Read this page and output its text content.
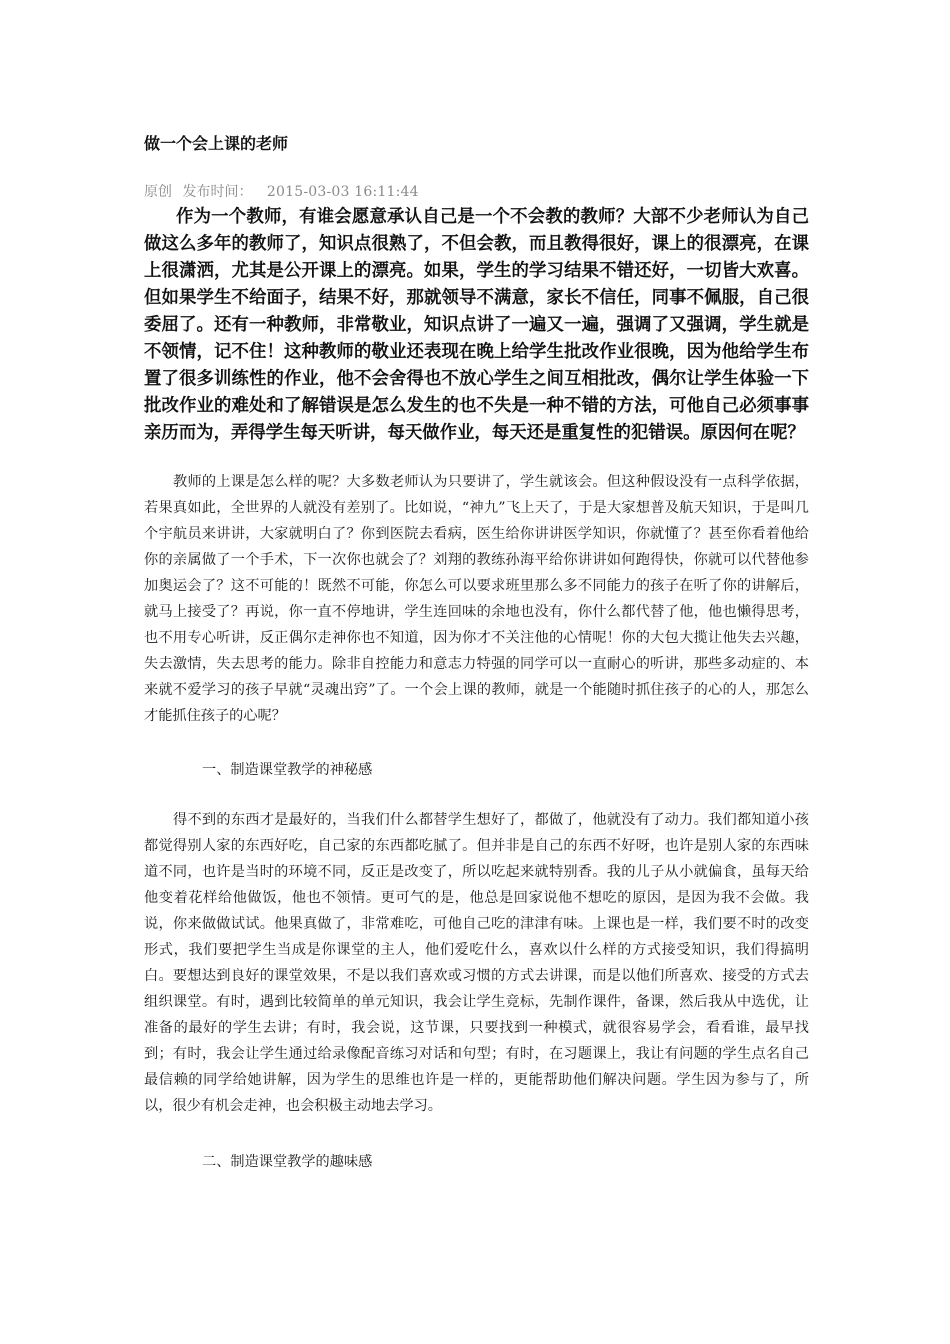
做一个会上课的老师
原创 发布时间： 2015-03-03 16:11:44

作为一个教师，有谁会愿意承认自己是一个不会教的教师？大部不少老师认为自己做这么多年的教师了，知识点很熟了，不但会教，而且教得很好，课上的很漂亮，在课上很潇洒，尤其是公开课上的漂亮。如果，学生的学习结果不错还好，一切皆大欢喜。但如果学生不给面子，结果不好，那就领导不满意，家长不信任，同事不佩服，自己很委屈了。还有一种教师，非常敬业，知识点讲了一遍又一遍，强调了又强调，学生就是不领情，记不住！这种教师的敬业还表现在晚上给学生批改作业很晚，因为他给学生布置了很多训练性的作业，他不会舍得也不放心学生之间互相批改，偶尔让学生体验一下批改作业的难处和了解错误是怎么发生的也不失是一种不错的方法，可他自己必须事事亲历而为，弄得学生每天听讲，每天做作业，每天还是重复性的犯错误。原因何在呢？

教师的上课是怎么样的呢？大多数老师认为只要讲了，学生就该会。但这种假设没有一点科学依据，若果真如此，全世界的人就没有差别了。比如说，“神九”飞上天了，于是大家想普及航天知识，于是叫几个宇航员来讲讲，大家就明白了？你到医院去看病，医生给你讲讲医学知识，你就懂了？甚至你看着他给你的亲属做了一个手术，下一次你也就会了？刘翔的教练孙海平给你讲讲如何跑得快，你就可以代替他参加奥运会了？这不可能的！既然不可能，你怎么可以要求班里那么多不同能力的孩子在听了你的讲解后，就马上接受了？再说，你一直不停地讲，学生连回味的余地也没有，你什么都代替了他，他也懒得思考，也不用专心听讲，反正偶尔走神你也不知道，因为你才不关注他的心情呢！你的大包大揽让他失去兴趣，失去激情，失去思考的能力。除非自控能力和意志力特强的同学可以一直耐心的听讲，那些多动症的、本来就不爱学习的孩子早就“灵魂出窍”了。一个会上课的教师，就是一个能随时抓住孩子的心的人，那怎么才能抓住孩子的心呢？

一、制造课堂教学的神秘感

得不到的东西才是最好的，当我们什么都替学生想好了，都做了，他就没有了动力。我们都知道小孩都觉得别人家的东西好吃，自己家的东西都吃腻了。但并非是自己的东西不好呀，也许是别人家的东西味道不同，也许是当时的环境不同，反正是改变了，所以吃起来就特别香。我的儿子从小就偏食，虽每天给他变着花样给他做饭，他也不领情。更可气的是，他总是回家说他不想吃的原因，是因为我不会做。我说，你来做做试试。他果真做了，非常难吃，可他自己吃的津津有味。上课也是一样，我们要不时的改变形式，我们要把学生当成是你课堂的主人，他们爱吃什么，喜欢以什么样的方式接受知识，我们得搞明白。要想达到良好的课堂效果，不是以我们喜欢或习惯的方式去讲课，而是以他们所喜欢、接受的方式去组织课堂。有时，遇到比较简单的单元知识，我会让学生竞标，先制作课件，备课，然后我从中选优，让准备的最好的学生去讲；有时，我会说，这节课，只要找到一种模式，就很容易学会，看看谁，最早找到；有时，我会让学生通过给录像配音练习对话和句型；有时，在习题课上，我让有问题的学生点名自己最信赖的同学给她讲解，因为学生的思维也许是一样的，更能帮助他们解决问题。学生因为参与了，所以，很少有机会走神，也会积极主动地去学习。

二、制造课堂教学的趣味感
